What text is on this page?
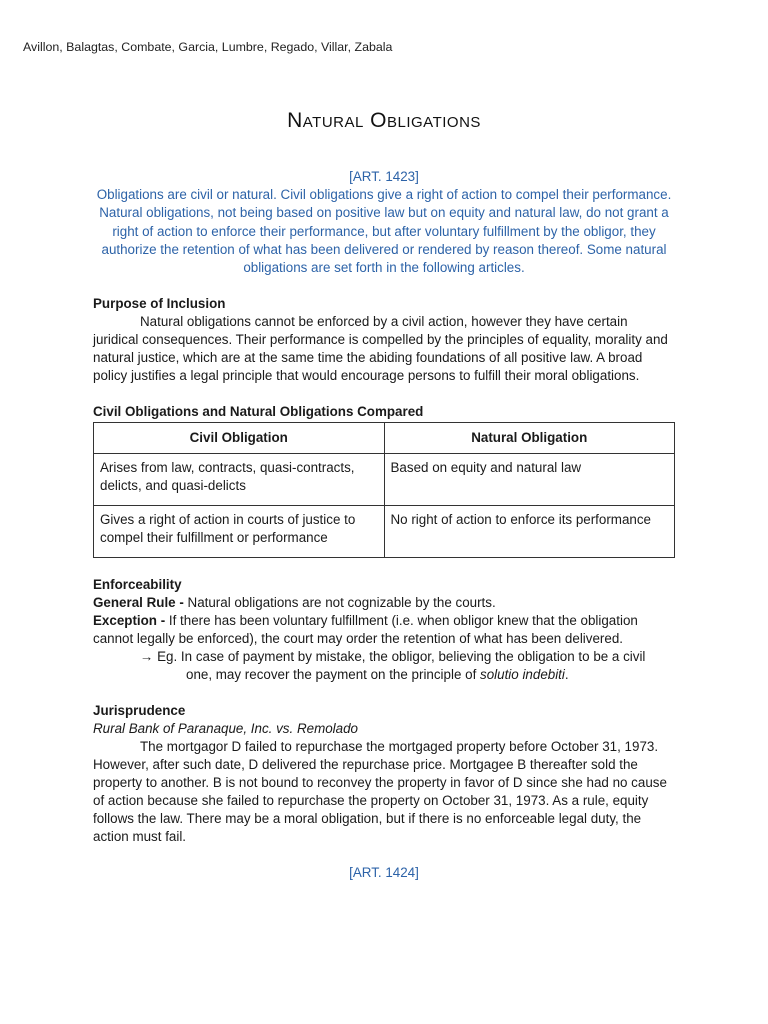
Avillon, Balagtas, Combate, Garcia, Lumbre, Regado, Villar, Zabala
Natural Obligations
[ART. 1423]
Obligations are civil or natural. Civil obligations give a right of action to compel their performance. Natural obligations, not being based on positive law but on equity and natural law, do not grant a right of action to enforce their performance, but after voluntary fulfillment by the obligor, they authorize the retention of what has been delivered or rendered by reason thereof. Some natural obligations are set forth in the following articles.
Purpose of Inclusion

Natural obligations cannot be enforced by a civil action, however they have certain juridical consequences. Their performance is compelled by the principles of equality, morality and natural justice, which are at the same time the abiding foundations of all positive law. A broad policy justifies a legal principle that would encourage persons to fulfill their moral obligations.

Civil Obligations and Natural Obligations Compared
Civil Obligation	Natural Obligation
Arises from law, contracts, quasi-contracts, delicts, and quasi-delicts	Based on equity and natural law
Gives a right of action in courts of justice to compel their fulfillment or performance	No right of action to enforce its performance
Enforceability

General Rule - Natural obligations are not cognizable by the courts.

Exception - If there has been voluntary fulfillment (i.e. when obligor knew that the obligation cannot legally be enforced), the court may order the retention of what has been delivered.

→ Eg. In case of payment by mistake, the obligor, believing the obligation to be a civil

one, may recover the payment on the principle of solutio indebiti.

Jurisprudence

Rural Bank of Paranaque, Inc. vs. Remolado

The mortgagor D failed to repurchase the mortgaged property before October 31, 1973. However, after such date, D delivered the repurchase price. Mortgagee B thereafter sold the property to another. B is not bound to reconvey the property in favor of D since she had no cause of action because she failed to repurchase the property on October 31, 1973. As a rule, equity follows the law. There may be a moral obligation, but if there is no enforceable legal duty, the action must fail.

[ART. 1424]
